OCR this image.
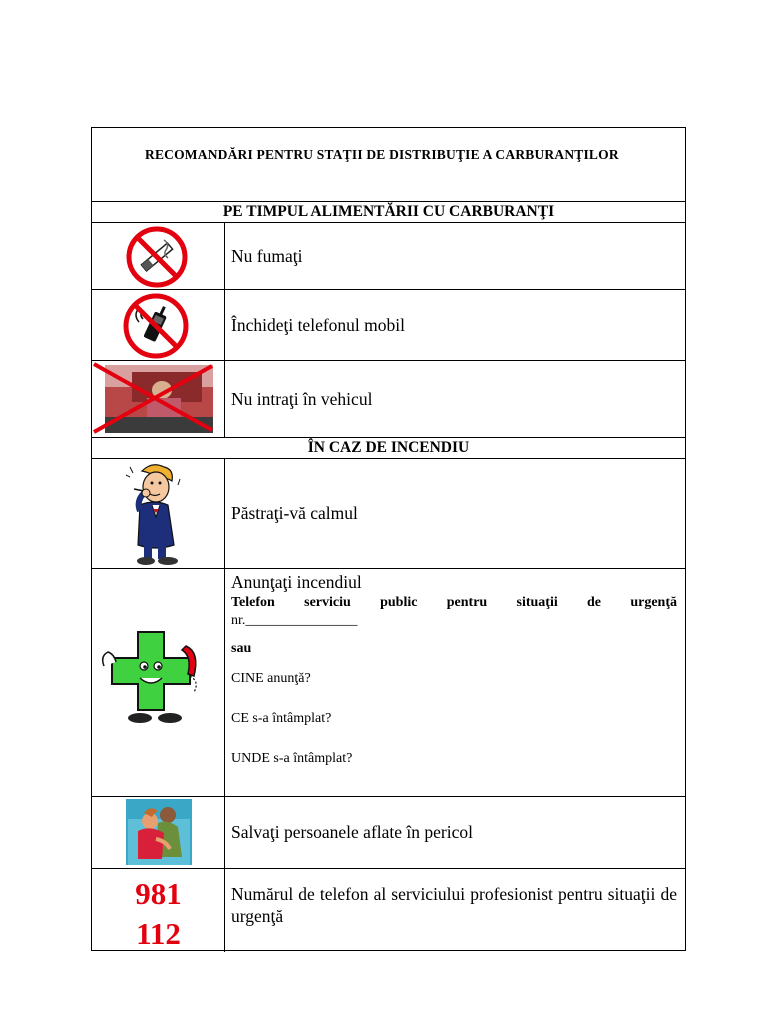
RECOMANDĂRI PENTRU STAŢII DE DISTRIBUŢIE A CARBURANŢILOR
PE TIMPUL ALIMENTĂRII CU CARBURANŢI
Nu fumaţi
Închideţi telefonul mobil
Nu intraţi în vehicul
ÎN CAZ DE INCENDIU
Păstraţi-vă calmul
Anunţaţi incendiul
Telefon serviciu public pentru situaţii de urgenţă
nr.________________
sau
CINE anunţă?
CE s-a întâmplat?
UNDE s-a întâmplat?
Salvaţi persoanele aflate în pericol
981
112
Numărul de telefon al serviciului profesionist pentru situaţii de urgenţă
